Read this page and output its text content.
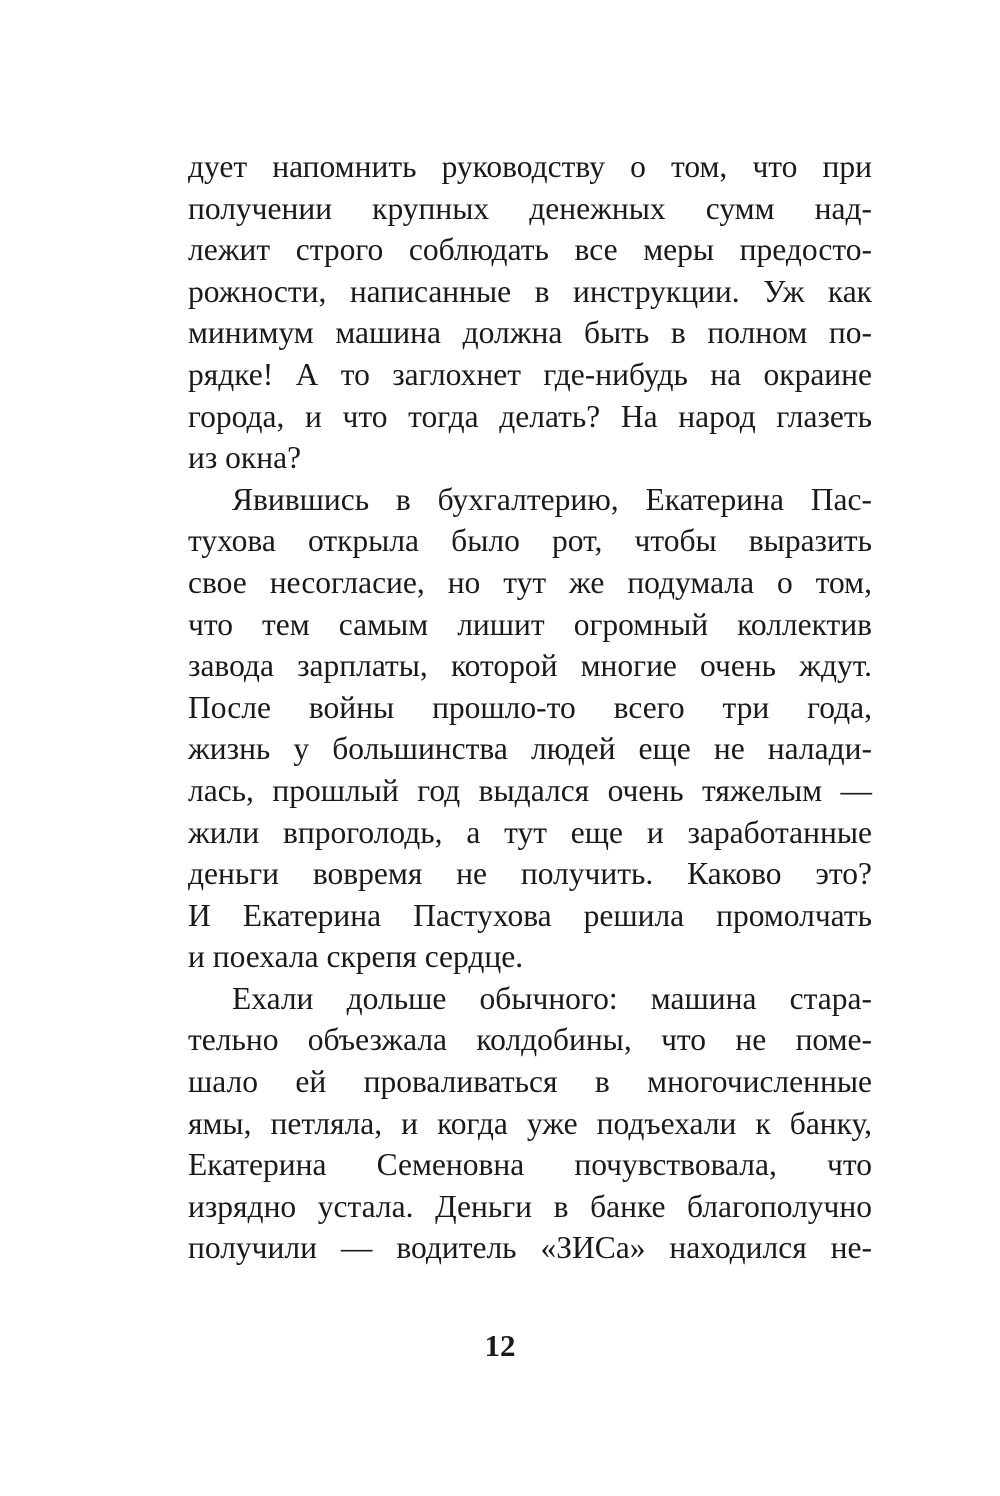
дует напомнить руководству о том, что при
получении крупных денежных сумм над-
лежит строго соблюдать все меры предосто-
рожности, написанные в инструкции. Уж как
минимум машина должна быть в полном по-
рядке! А то заглохнет где-нибудь на окраине
города, и что тогда делать? На народ глазеть
из окна?
Явившись в бухгалтерию, Екатерина Пас-
тухова открыла было рот, чтобы выразить
свое несогласие, но тут же подумала о том,
что тем самым лишит огромный коллектив
завода зарплаты, которой многие очень ждут.
После войны прошло-то всего три года,
жизнь у большинства людей еще не налади-
лась, прошлый год выдался очень тяжелым —
жили впроголодь, а тут еще и заработанные
деньги вовремя не получить. Каково это?
И Екатерина Пастухова решила промолчать
и поехала скрепя сердце.
Ехали дольше обычного: машина стара-
тельно объезжала колдобины, что не поме-
шало ей проваливаться в многочисленные
ямы, петляла, и когда уже подъехали к банку,
Екатерина Семеновна почувствовала, что
изрядно устала. Деньги в банке благополучно
получили — водитель «ЗИСа» находился не-
12
